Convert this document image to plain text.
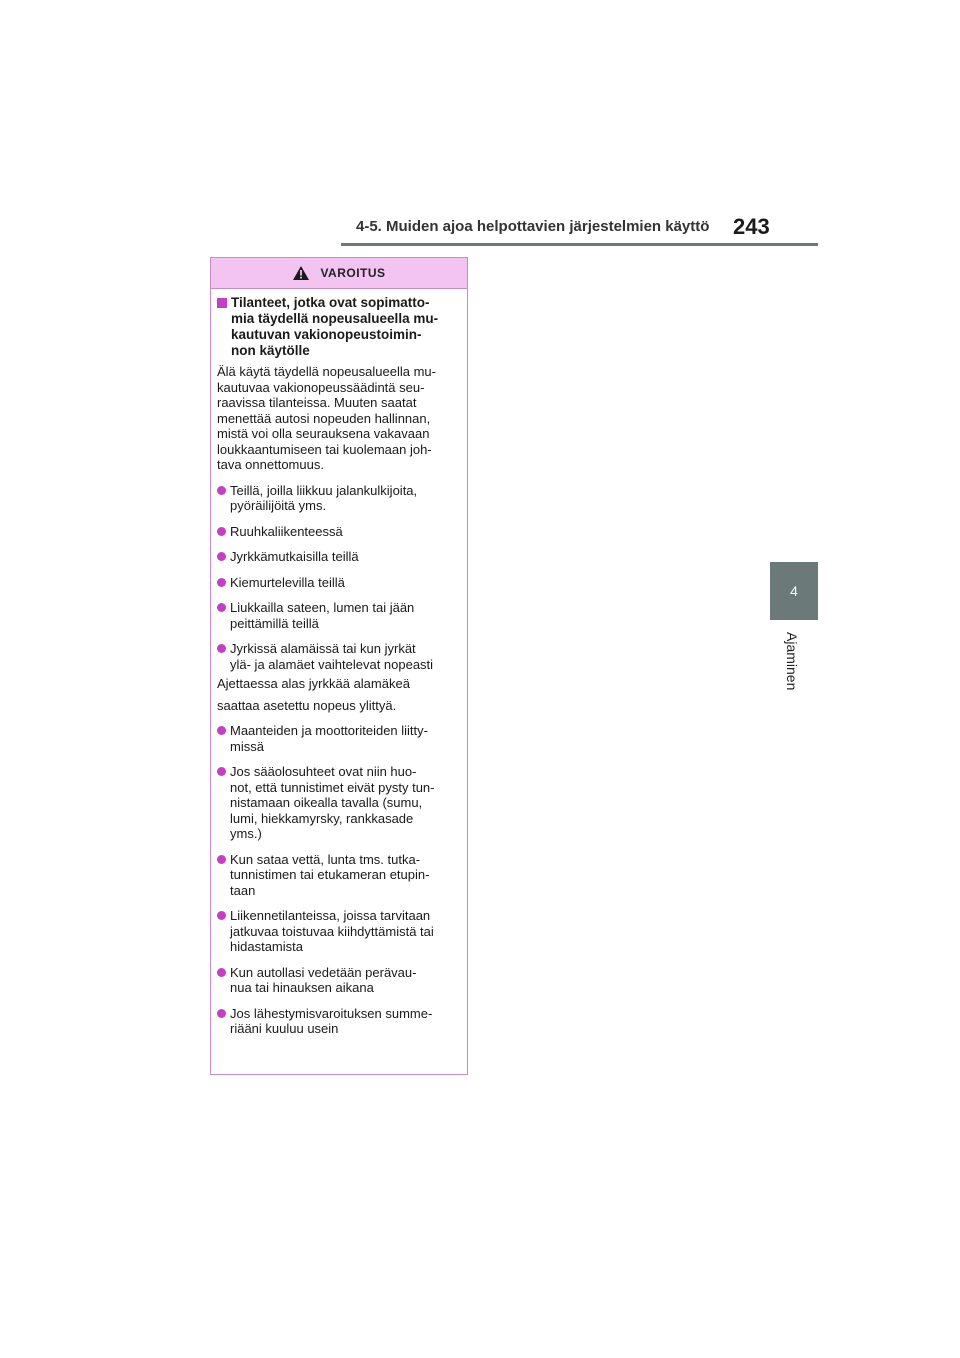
4-5. Muiden ajoa helpottavien järjestelmien käyttö 243
4
Ajaminen
VAROITUS
Tilanteet, jotka ovat sopimatto-
mia täydellä nopeusalueella mu-
kautuvan vakionopeustoimin-
non käytölle
Älä käytä täydellä nopeusalueella mu-
kautuvaa vakionopeussäädintä seu-
raavissa tilanteissa. Muuten saatat
menettää autosi nopeuden hallinnan,
mistä voi olla seurauksena vakavaan
loukkaantumiseen tai kuolemaan joh-
tava onnettomuus.
Teillä, joilla liikkuu jalankulkijoita,
pyöräilijöitä yms.
Ruuhkaliikenteessä
Jyrkkämutkaisilla teillä
Kiemurtelevilla teillä
Liukkailla sateen, lumen tai jään
peittämillä teillä
Jyrkissä alamäissä tai kun jyrkät
ylä- ja alamäet vaihtelevat nopeasti
Ajettaessa alas jyrkkää alamäkeä
saattaa asetettu nopeus ylittyä.
Maanteiden ja moottoriteiden liitty-
missä
Jos sääolosuhteet ovat niin huo-
not, että tunnistimet eivät pysty tun-
nistamaan oikealla tavalla (sumu,
lumi, hiekkamyrsky, rankkasade
yms.)
Kun sataa vettä, lunta tms. tutka-
tunnistimen tai etukameran etupin-
taan
Liikennetilanteissa, joissa tarvitaan
jatkuvaa toistuvaa kiihdyttämistä tai
hidastamista
Kun autollasi vedetään perävau-
nua tai hinauksen aikana
Jos lähestymisvaroituksen summe-
riääni kuuluu usein
